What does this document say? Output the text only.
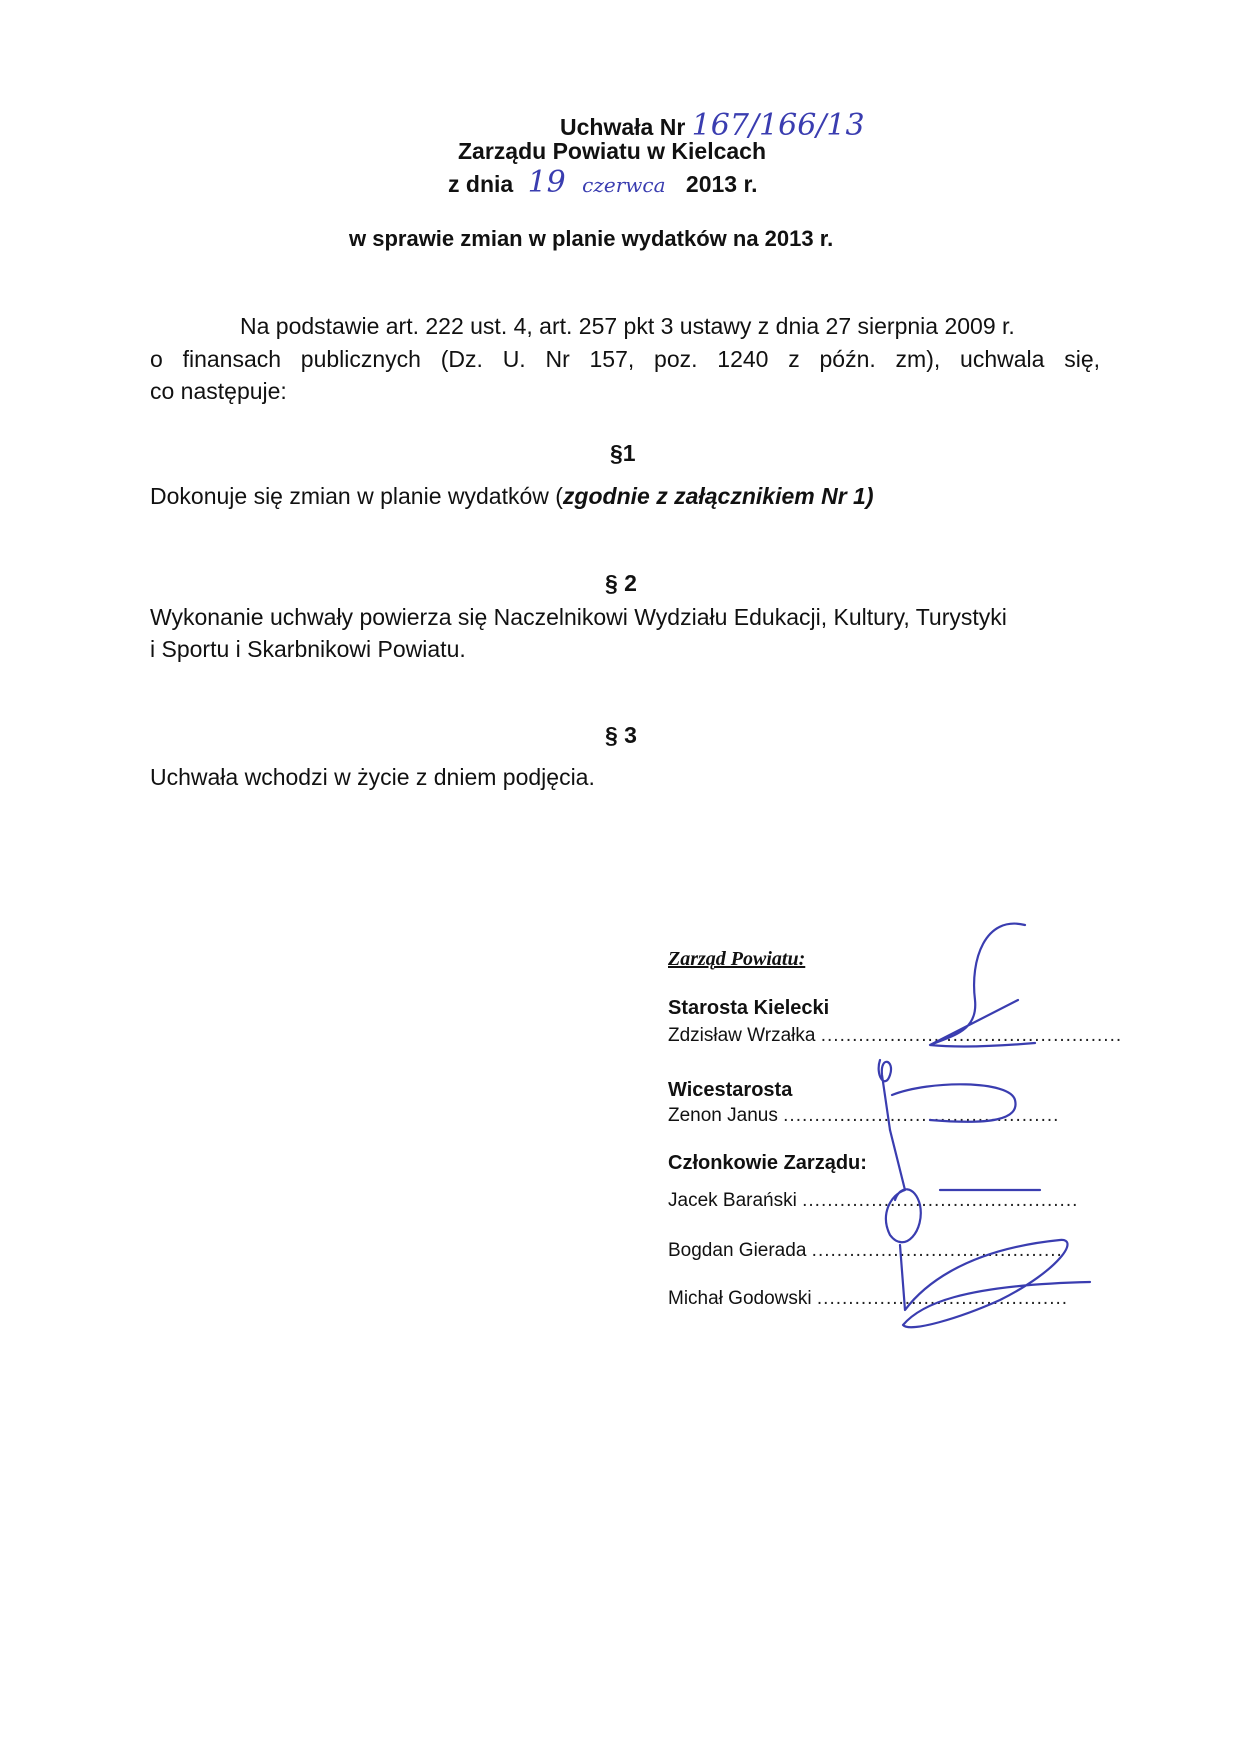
Uchwała Nr 167/166/13
Zarządu Powiatu w Kielcach
z dnia 19 czerwca 2013 r.
w sprawie zmian w planie wydatków na 2013 r.
Na podstawie art. 222 ust. 4, art. 257 pkt 3 ustawy z dnia 27 sierpnia 2009 r.
o finansach publicznych (Dz. U. Nr 157, poz. 1240 z późn. zm), uchwala się,
co następuje:
§1
Dokonuje się zmian w planie wydatków (zgodnie z załącznikiem Nr 1)
§ 2
Wykonanie uchwały powierza się Naczelnikowi Wydziału Edukacji, Kultury, Turystyki
i Sportu i Skarbnikowi Powiatu.
§ 3
Uchwała wchodzi w życie z dniem podjęcia.
Zarząd Powiatu:
Starosta Kielecki
Zdzisław Wrzałka ................................................
Wicestarosta
Zenon Janus ............................................
Członkowie Zarządu:
Jacek Barański ............................................
Bogdan Gierada ........................................
Michał Godowski ........................................
